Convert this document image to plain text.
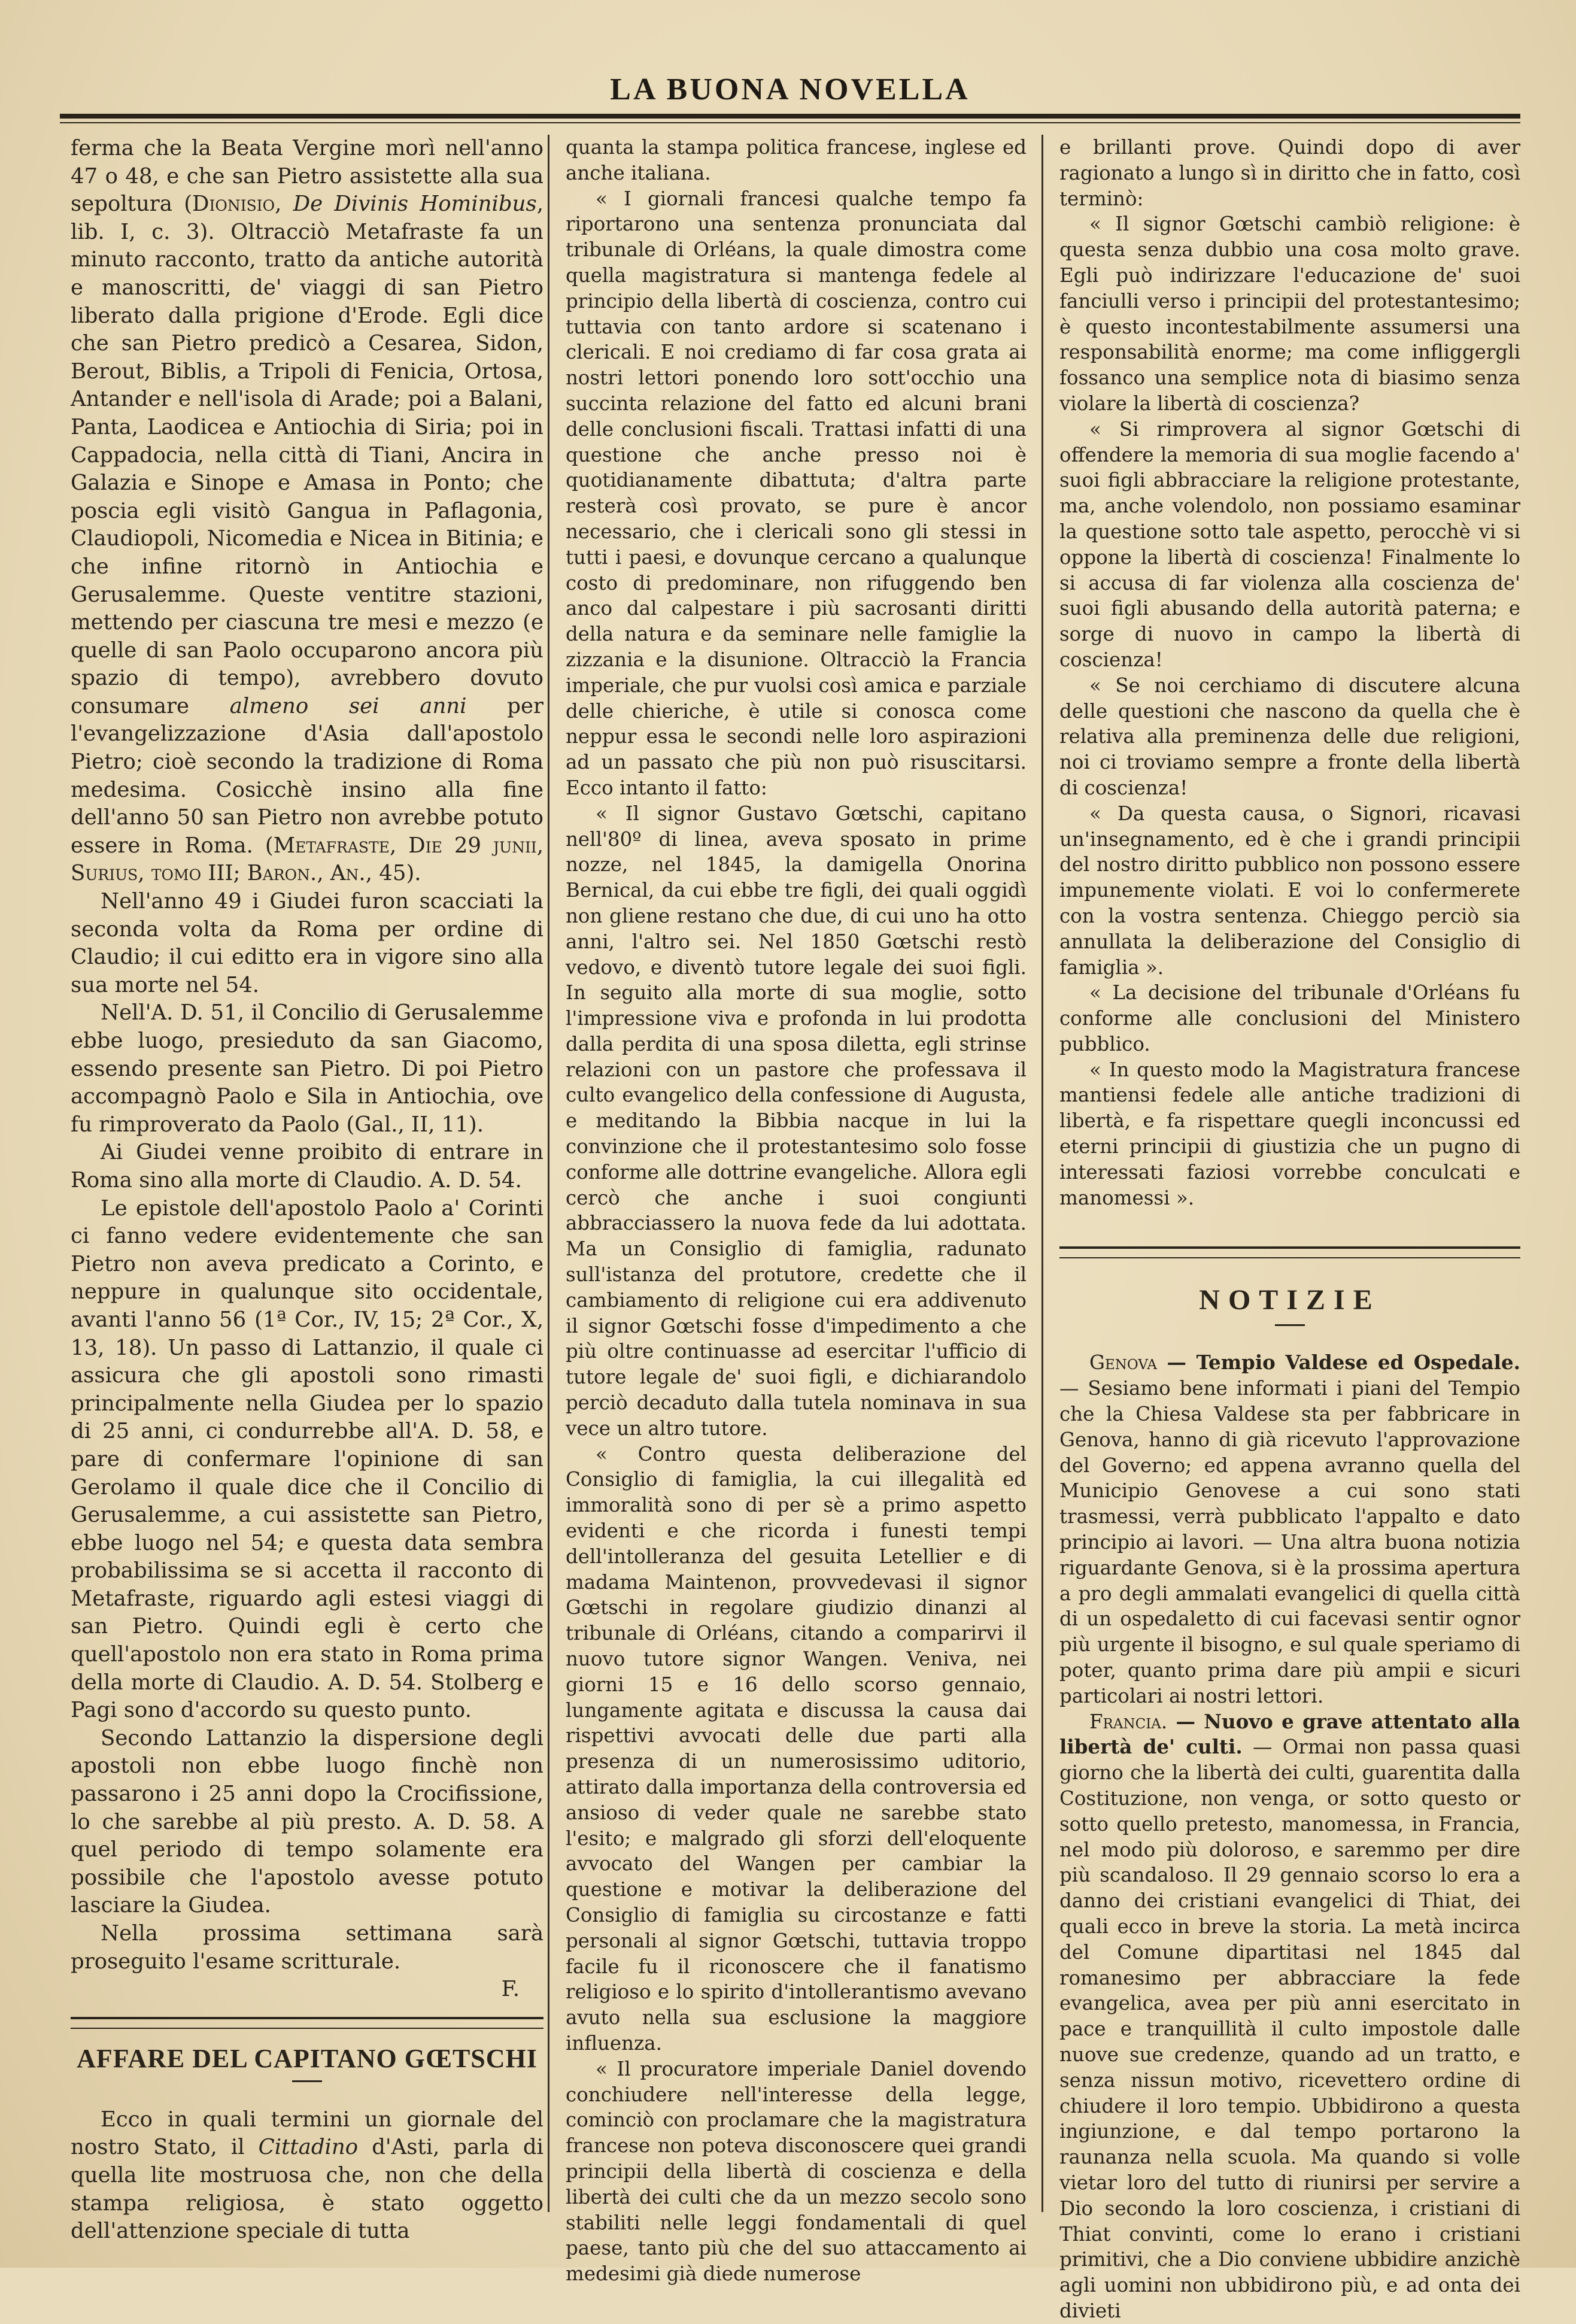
LA BUONA NOVELLA

ferma che la Beata Vergine morì nell'anno 47 o 48, e che san Pietro assistette alla sua sepoltura (Dionisio, De Divinis Hominibus, lib. I, c. 3). Oltracciò Metafraste fa un minuto racconto, tratto da antiche autorità e manoscritti, de' viaggi di san Pietro liberato dalla prigione d'Erode. Egli dice che san Pietro predicò a Cesarea, Sidon, Berout, Biblis, a Tripoli di Fenicia, Ortosa, Antander e nell'isola di Arade; poi a Balani, Panta, Laodicea e Antiochia di Siria; poi in Cappadocia, nella città di Tiani, Ancira in Galazia e Sinope e Amasa in Ponto; che poscia egli visitò Gangua in Paflagonia, Claudiopoli, Nicomedia e Nicea in Bitinia; e che infine ritornò in Antiochia e Gerusalemme. Queste ventitre stazioni, mettendo per ciascuna tre mesi e mezzo (e quelle di san Paolo occuparono ancora più spazio di tempo), avrebbero dovuto consumare almeno sei anni per l'evangelizzazione d'Asia dall'apostolo Pietro; cioè secondo la tradizione di Roma medesima. Cosicchè insino alla fine dell'anno 50 san Pietro non avrebbe potuto essere in Roma. (Metafraste, Die 29 junii, Surius, tomo III; Baron., An., 45).

Nell'anno 49 i Giudei furon scacciati la seconda volta da Roma per ordine di Claudio; il cui editto era in vigore sino alla sua morte nel 54.

Nell'A. D. 51, il Concilio di Gerusalemme ebbe luogo, presieduto da san Giacomo, essendo presente san Pietro. Di poi Pietro accompagnò Paolo e Sila in Antiochia, ove fu rimproverato da Paolo (Gal., II, 11).

Ai Giudei venne proibito di entrare in Roma sino alla morte di Claudio. A. D. 54.

Le epistole dell'apostolo Paolo a' Corinti ci fanno vedere evidentemente che san Pietro non aveva predicato a Corinto, e neppure in qualunque sito occidentale, avanti l'anno 56 (1ª Cor., IV, 15; 2ª Cor., X, 13, 18). Un passo di Lattanzio, il quale ci assicura che gli apostoli sono rimasti principalmente nella Giudea per lo spazio di 25 anni, ci condurrebbe all'A. D. 58, e pare di confermare l'opinione di san Gerolamo il quale dice che il Concilio di Gerusalemme, a cui assistette san Pietro, ebbe luogo nel 54; e questa data sembra probabilissima se si accetta il racconto di Metafraste, riguardo agli estesi viaggi di san Pietro. Quindi egli è certo che quell'apostolo non era stato in Roma prima della morte di Claudio. A. D. 54. Stolberg e Pagi sono d'accordo su questo punto.

Secondo Lattanzio la dispersione degli apostoli non ebbe luogo finchè non passarono i 25 anni dopo la Crocifissione, lo che sarebbe al più presto. A. D. 58. A quel periodo di tempo solamente era possibile che l'apostolo avesse potuto lasciare la Giudea.

Nella prossima settimana sarà proseguito l'esame scritturale.

F.

AFFARE DEL CAPITANO GŒTSCHI

Ecco in quali termini un giornale del nostro Stato, il Cittadino d'Asti, parla di quella lite mostruosa che, non che della stampa religiosa, è stato oggetto dell'attenzione speciale di tutta

quanta la stampa politica francese, inglese ed anche italiana.

« I giornali francesi qualche tempo fa riportarono una sentenza pronunciata dal tribunale di Orléans, la quale dimostra come quella magistratura si mantenga fedele al principio della libertà di coscienza, contro cui tuttavia con tanto ardore si scatenano i clericali. E noi crediamo di far cosa grata ai nostri lettori ponendo loro sott'occhio una succinta relazione del fatto ed alcuni brani delle conclusioni fiscali. Trattasi infatti di una questione che anche presso noi è quotidianamente dibattuta; d'altra parte resterà così provato, se pure è ancor necessario, che i clericali sono gli stessi in tutti i paesi, e dovunque cercano a qualunque costo di predominare, non rifuggendo ben anco dal calpestare i più sacrosanti diritti della natura e da seminare nelle famiglie la zizzania e la disunione. Oltracciò la Francia imperiale, che pur vuolsi così amica e parziale delle chieriche, è utile si conosca come neppur essa le secondi nelle loro aspirazioni ad un passato che più non può risuscitarsi. Ecco intanto il fatto:

« Il signor Gustavo Gœtschi, capitano nell'80º di linea, aveva sposato in prime nozze, nel 1845, la damigella Onorina Bernical, da cui ebbe tre figli, dei quali oggidì non gliene restano che due, di cui uno ha otto anni, l'altro sei. Nel 1850 Gœtschi restò vedovo, e diventò tutore legale dei suoi figli. In seguito alla morte di sua moglie, sotto l'impressione viva e profonda in lui prodotta dalla perdita di una sposa diletta, egli strinse relazioni con un pastore che professava il culto evangelico della confessione di Augusta, e meditando la Bibbia nacque in lui la convinzione che il protestantesimo solo fosse conforme alle dottrine evangeliche. Allora egli cercò che anche i suoi congiunti abbracciassero la nuova fede da lui adottata. Ma un Consiglio di famiglia, radunato sull'istanza del protutore, credette che il cambiamento di religione cui era addivenuto il signor Gœtschi fosse d'impedimento a che più oltre continuasse ad esercitar l'ufficio di tutore legale de' suoi figli, e dichiarandolo perciò decaduto dalla tutela nominava in sua vece un altro tutore.

« Contro questa deliberazione del Consiglio di famiglia, la cui illegalità ed immoralità sono di per sè a primo aspetto evidenti e che ricorda i funesti tempi dell'intolleranza del gesuita Letellier e di madama Maintenon, provvedevasi il signor Gœtschi in regolare giudizio dinanzi al tribunale di Orléans, citando a comparirvi il nuovo tutore signor Wangen. Veniva, nei giorni 15 e 16 dello scorso gennaio, lungamente agitata e discussa la causa dai rispettivi avvocati delle due parti alla presenza di un numerosissimo uditorio, attirato dalla importanza della controversia ed ansioso di veder quale ne sarebbe stato l'esito; e malgrado gli sforzi dell'eloquente avvocato del Wangen per cambiar la questione e motivar la deliberazione del Consiglio di famiglia su circostanze e fatti personali al signor Gœtschi, tuttavia troppo facile fu il riconoscere che il fanatismo religioso e lo spirito d'intollerantismo avevano avuto nella sua esclusione la maggiore influenza.

« Il procuratore imperiale Daniel dovendo conchiudere nell'interesse della legge, cominciò con proclamare che la magistratura francese non poteva disconoscere quei grandi principii della libertà di coscienza e della libertà dei culti che da un mezzo secolo sono stabiliti nelle leggi fondamentali di quel paese, tanto più che del suo attaccamento ai medesimi già diede numerose

e brillanti prove. Quindi dopo di aver ragionato a lungo sì in diritto che in fatto, così terminò:

« Il signor Gœtschi cambiò religione: è questa senza dubbio una cosa molto grave. Egli può indirizzare l'educazione de' suoi fanciulli verso i principii del protestantesimo; è questo incontestabilmente assumersi una responsabilità enorme; ma come infliggergli fossanco una semplice nota di biasimo senza violare la libertà di coscienza?

« Si rimprovera al signor Gœtschi di offendere la memoria di sua moglie facendo a' suoi figli abbracciare la religione protestante, ma, anche volendolo, non possiamo esaminar la questione sotto tale aspetto, perocchè vi si oppone la libertà di coscienza! Finalmente lo si accusa di far violenza alla coscienza de' suoi figli abusando della autorità paterna; e sorge di nuovo in campo la libertà di coscienza!

« Se noi cerchiamo di discutere alcuna delle questioni che nascono da quella che è relativa alla preminenza delle due religioni, noi ci troviamo sempre a fronte della libertà di coscienza!

« Da questa causa, o Signori, ricavasi un'insegnamento, ed è che i grandi principii del nostro diritto pubblico non possono essere impunemente violati. E voi lo confermerete con la vostra sentenza. Chieggo perciò sia annullata la deliberazione del Consiglio di famiglia ».

« La decisione del tribunale d'Orléans fu conforme alle conclusioni del Ministero pubblico.

« In questo modo la Magistratura francese mantiensi fedele alle antiche tradizioni di libertà, e fa rispettare quegli inconcussi ed eterni principii di giustizia che un pugno di interessati faziosi vorrebbe conculcati e manomessi ».

NOTIZIE

Genova — Tempio Valdese ed Ospedale. — Sesiamo bene informati i piani del Tempio che la Chiesa Valdese sta per fabbricare in Genova, hanno di già ricevuto l'approvazione del Governo; ed appena avranno quella del Municipio Genovese a cui sono stati trasmessi, verrà pubblicato l'appalto e dato principio ai lavori. — Una altra buona notizia riguardante Genova, si è la prossima apertura a pro degli ammalati evangelici di quella città di un ospedaletto di cui facevasi sentir ognor più urgente il bisogno, e sul quale speriamo di poter, quanto prima dare più ampii e sicuri particolari ai nostri lettori.

Francia. — Nuovo e grave attentato alla libertà de' culti. — Ormai non passa quasi giorno che la libertà dei culti, guarentita dalla Costituzione, non venga, or sotto questo or sotto quello pretesto, manomessa, in Francia, nel modo più doloroso, e saremmo per dire più scandaloso. Il 29 gennaio scorso lo era a danno dei cristiani evangelici di Thiat, dei quali ecco in breve la storia. La metà incirca del Comune dipartitasi nel 1845 dal romanesimo per abbracciare la fede evangelica, avea per più anni esercitato in pace e tranquillità il culto impostole dalle nuove sue credenze, quando ad un tratto, e senza nissun motivo, ricevettero ordine di chiudere il loro tempio. Ubbidirono a questa ingiunzione, e dal tempo portarono la raunanza nella scuola. Ma quando si volle vietar loro del tutto di riunirsi per servire a Dio secondo la loro coscienza, i cristiani di Thiat convinti, come lo erano i cristiani primitivi, che a Dio conviene ubbidire anzichè agli uomini non ubbidirono più, e ad onta dei divieti
